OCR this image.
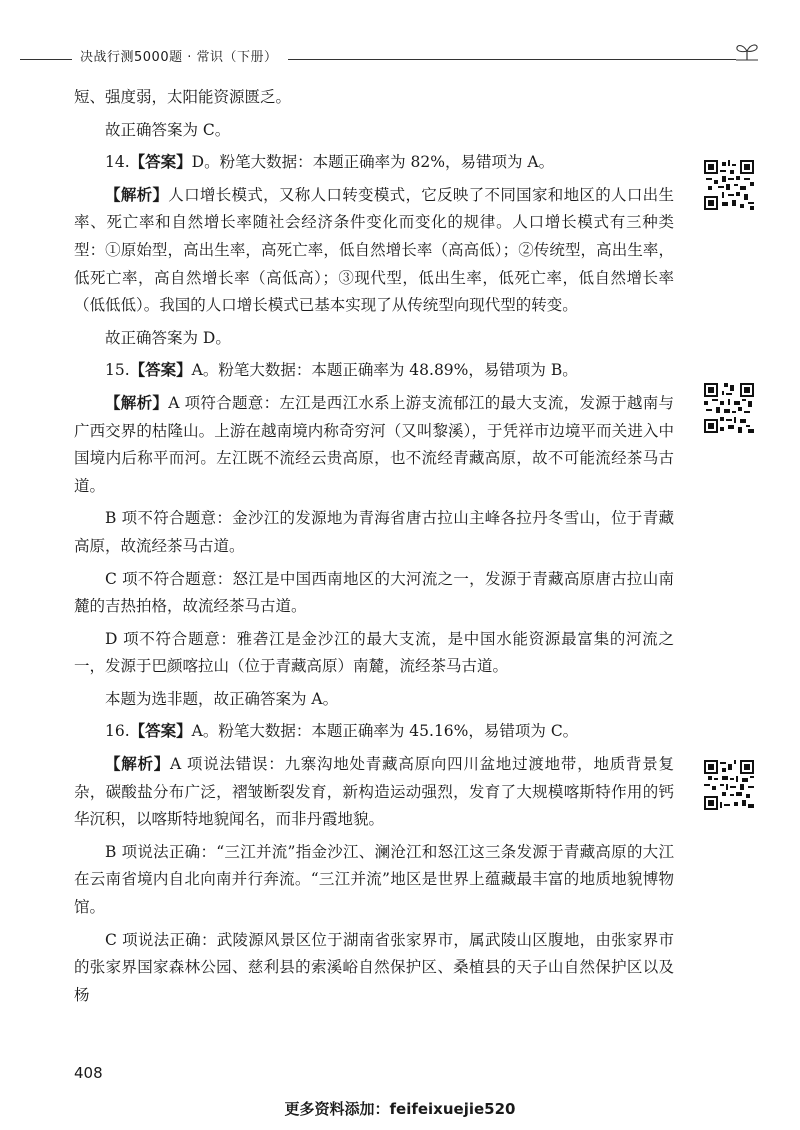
决战行测5000题 · 常识（下册）

短、强度弱，太阳能资源匮乏。

故正确答案为 C。

14.【答案】D。粉笔大数据：本题正确率为 82%，易错项为 A。

【解析】人口增长模式，又称人口转变模式，它反映了不同国家和地区的人口出生率、死亡率和自然增长率随社会经济条件变化而变化的规律。人口增长模式有三种类型：①原始型，高出生率，高死亡率，低自然增长率（高高低）；②传统型，高出生率，低死亡率，高自然增长率（高低高）；③现代型，低出生率，低死亡率，低自然增长率（低低低）。我国的人口增长模式已基本实现了从传统型向现代型的转变。

故正确答案为 D。

15.【答案】A。粉笔大数据：本题正确率为 48.89%，易错项为 B。

【解析】A 项符合题意：左江是西江水系上游支流郁江的最大支流，发源于越南与广西交界的枯隆山。上游在越南境内称奇穷河（又叫黎溪），于凭祥市边境平而关进入中国境内后称平而河。左江既不流经云贵高原，也不流经青藏高原，故不可能流经茶马古道。

B 项不符合题意：金沙江的发源地为青海省唐古拉山主峰各拉丹冬雪山，位于青藏高原，故流经茶马古道。

C 项不符合题意：怒江是中国西南地区的大河流之一，发源于青藏高原唐古拉山南麓的吉热拍格，故流经茶马古道。

D 项不符合题意：雅砻江是金沙江的最大支流，是中国水能资源最富集的河流之一，发源于巴颜喀拉山（位于青藏高原）南麓，流经茶马古道。

本题为选非题，故正确答案为 A。

16.【答案】A。粉笔大数据：本题正确率为 45.16%，易错项为 C。

【解析】A 项说法错误：九寨沟地处青藏高原向四川盆地过渡地带，地质背景复杂，碳酸盐分布广泛，褶皱断裂发育，新构造运动强烈，发育了大规模喀斯特作用的钙华沉积，以喀斯特地貌闻名，而非丹霞地貌。

B 项说法正确：“三江并流”指金沙江、澜沧江和怒江这三条发源于青藏高原的大江在云南省境内自北向南并行奔流。“三江并流”地区是世界上蕴藏最丰富的地质地貌博物馆。

C 项说法正确：武陵源风景区位于湖南省张家界市，属武陵山区腹地，由张家界市的张家界国家森林公园、慈利县的索溪峪自然保护区、桑植县的天子山自然保护区以及杨

408
更多资料添加：feifeixuejie520
